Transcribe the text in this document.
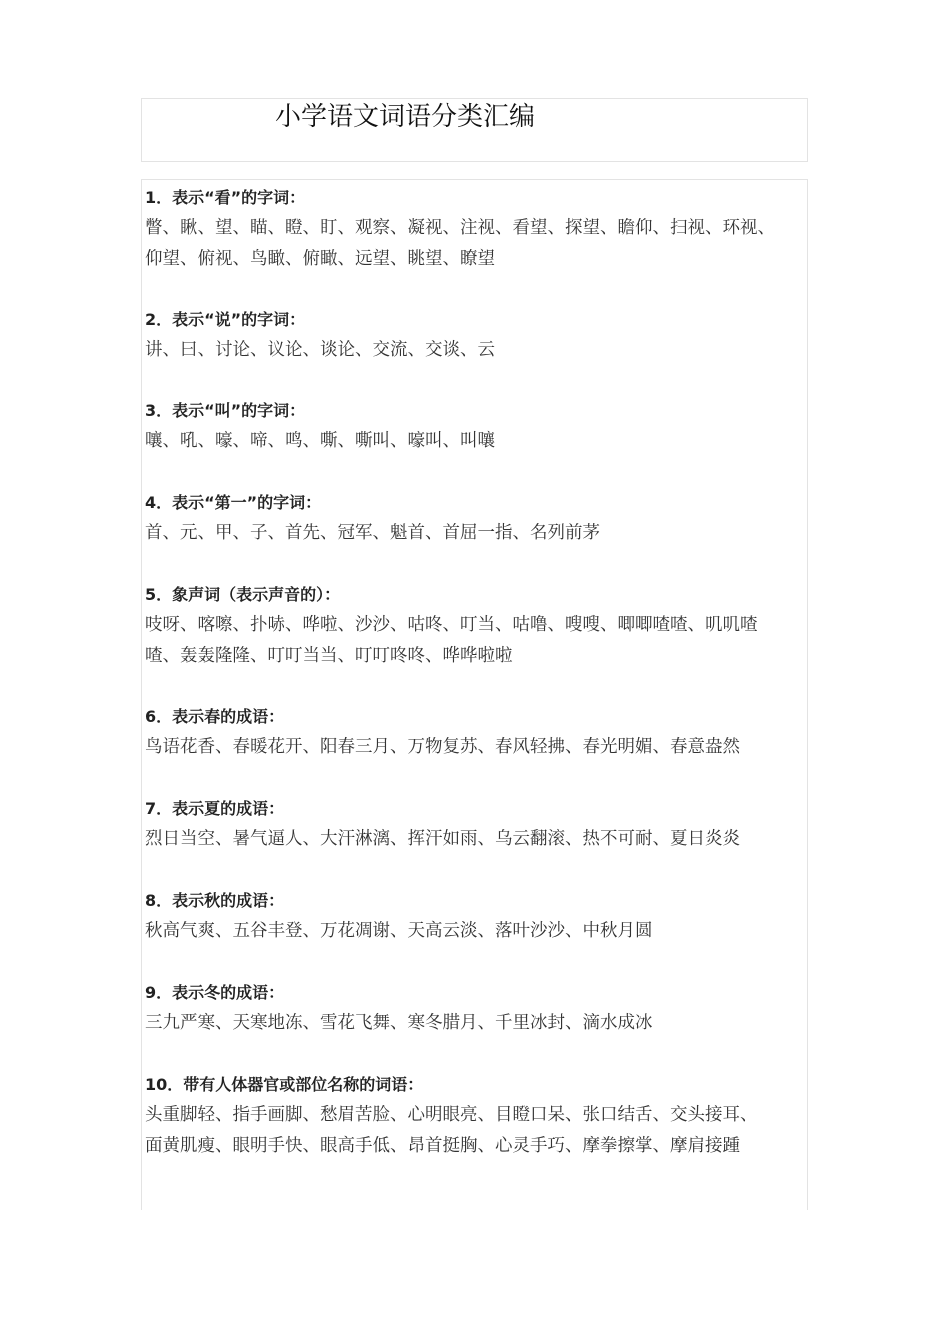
小学语文词语分类汇编
1．表示“看”的字词：
瞥、瞅、望、瞄、瞪、盯、观察、凝视、注视、看望、探望、瞻仰、扫视、环视、
仰望、俯视、鸟瞰、俯瞰、远望、眺望、瞭望
2．表示“说”的字词：
讲、曰、讨论、议论、谈论、交流、交谈、云
3．表示“叫”的字词：
嚷、吼、嚎、啼、鸣、嘶、嘶叫、嚎叫、叫嚷
4．表示“第一”的字词：
首、元、甲、子、首先、冠军、魁首、首屈一指、名列前茅
5．象声词（表示声音的）：
吱呀、喀嚓、扑哧、哗啦、沙沙、咕咚、叮当、咕噜、嗖嗖、唧唧喳喳、叽叽喳
喳、轰轰隆隆、叮叮当当、叮叮咚咚、哗哗啦啦
6．表示春的成语：
鸟语花香、春暖花开、阳春三月、万物复苏、春风轻拂、春光明媚、春意盎然
7．表示夏的成语：
烈日当空、暑气逼人、大汗淋漓、挥汗如雨、乌云翻滚、热不可耐、夏日炎炎
8．表示秋的成语：
秋高气爽、五谷丰登、万花凋谢、天高云淡、落叶沙沙、中秋月圆
9．表示冬的成语：
三九严寒、天寒地冻、雪花飞舞、寒冬腊月、千里冰封、滴水成冰
10．带有人体器官或部位名称的词语：
头重脚轻、指手画脚、愁眉苦脸、心明眼亮、目瞪口呆、张口结舌、交头接耳、
面黄肌瘦、眼明手快、眼高手低、昂首挺胸、心灵手巧、摩拳擦掌、摩肩接踵
